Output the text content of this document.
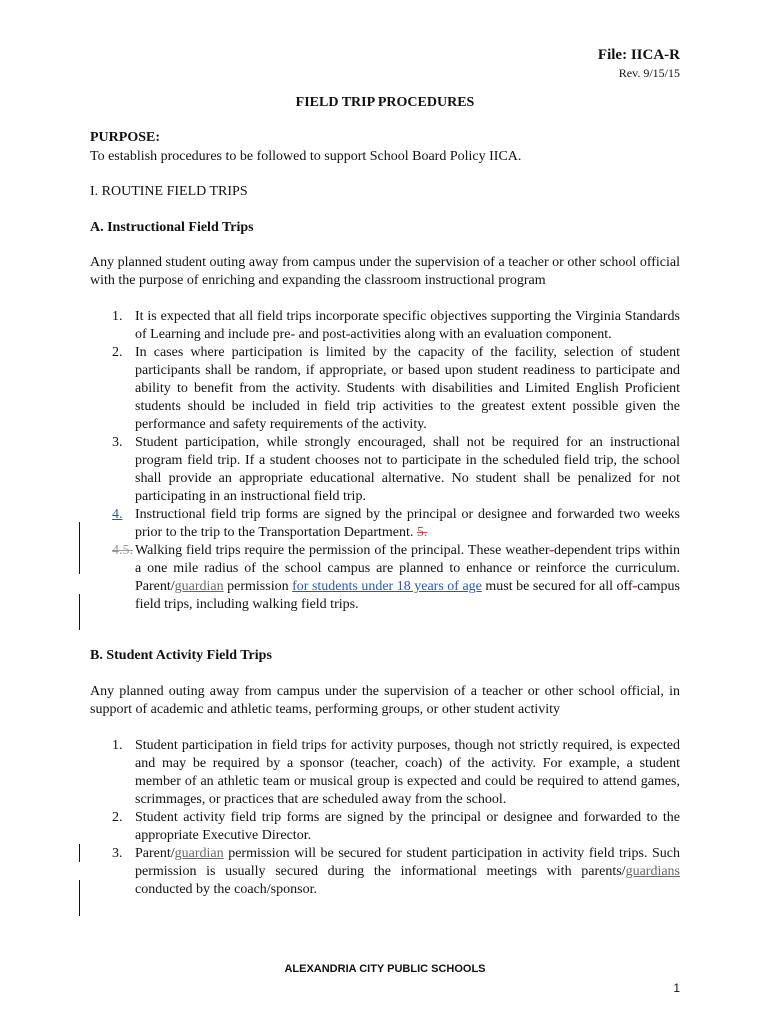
File: IICA-R
Rev. 9/15/15
FIELD TRIP PROCEDURES
PURPOSE:
To establish procedures to be followed to support School Board Policy IICA.
I. ROUTINE FIELD TRIPS
A. Instructional Field Trips
Any planned student outing away from campus under the supervision of a teacher or other school official with the purpose of enriching and expanding the classroom instructional program
1. It is expected that all field trips incorporate specific objectives supporting the Virginia Standards of Learning and include pre- and post-activities along with an evaluation component.
2. In cases where participation is limited by the capacity of the facility, selection of student participants shall be random, if appropriate, or based upon student readiness to participate and ability to benefit from the activity. Students with disabilities and Limited English Proficient students should be included in field trip activities to the greatest extent possible given the performance and safety requirements of the activity.
3. Student participation, while strongly encouraged, shall not be required for an instructional program field trip. If a student chooses not to participate in the scheduled field trip, the school shall provide an appropriate educational alternative. No student shall be penalized for not participating in an instructional field trip.
4. Instructional field trip forms are signed by the principal or designee and forwarded two weeks prior to the trip to the Transportation Department. 5.
4.5. Walking field trips require the permission of the principal. These weather-dependent trips within a one mile radius of the school campus are planned to enhance or reinforce the curriculum. Parent/guardian permission for students under 18 years of age must be secured for all off-campus field trips, including walking field trips.
B. Student Activity Field Trips
Any planned outing away from campus under the supervision of a teacher or other school official, in support of academic and athletic teams, performing groups, or other student activity
1. Student participation in field trips for activity purposes, though not strictly required, is expected and may be required by a sponsor (teacher, coach) of the activity. For example, a student member of an athletic team or musical group is expected and could be required to attend games, scrimmages, or practices that are scheduled away from the school.
2. Student activity field trip forms are signed by the principal or designee and forwarded to the appropriate Executive Director.
3. Parent/guardian permission will be secured for student participation in activity field trips. Such permission is usually secured during the informational meetings with parents/guardians conducted by the coach/sponsor.
ALEXANDRIA CITY PUBLIC SCHOOLS
1
